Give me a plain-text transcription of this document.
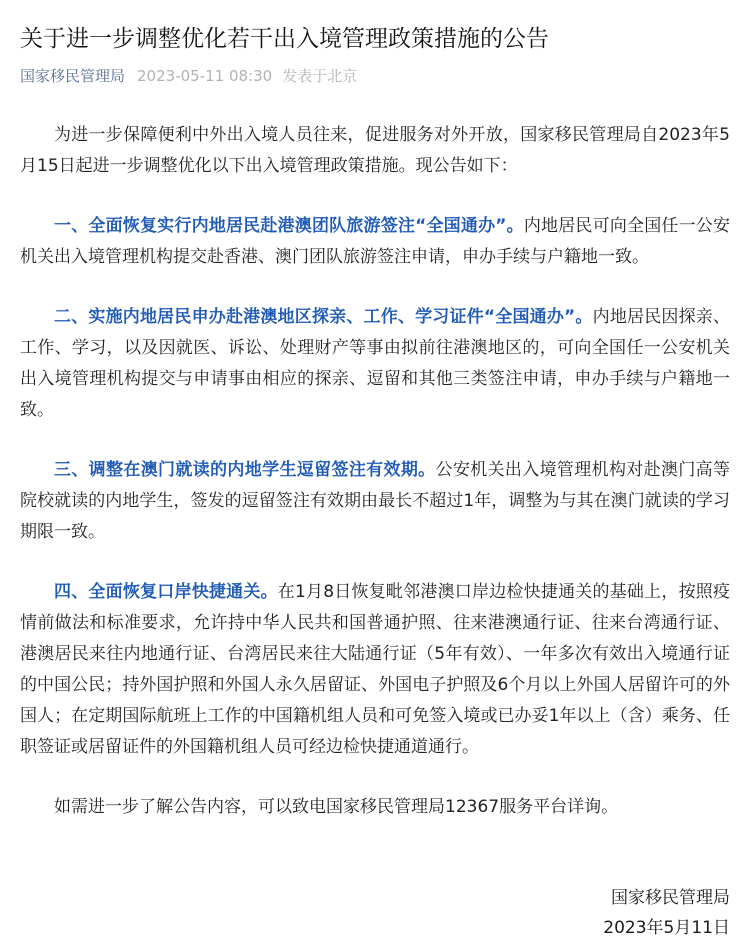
关于进一步调整优化若干出入境管理政策措施的公告
国家移民管理局 2023-05-11 08:30 发表于北京

为进一步保障便利中外出入境人员往来，促进服务对外开放，国家移民管理局自2023年5月15日起进一步调整优化以下出入境管理政策措施。现公告如下：

一、全面恢复实行内地居民赴港澳团队旅游签注“全国通办”。内地居民可向全国任一公安机关出入境管理机构提交赴香港、澳门团队旅游签注申请，申办手续与户籍地一致。

二、实施内地居民申办赴港澳地区探亲、工作、学习证件“全国通办”。内地居民因探亲、工作、学习，以及因就医、诉讼、处理财产等事由拟前往港澳地区的，可向全国任一公安机关出入境管理机构提交与申请事由相应的探亲、逗留和其他三类签注申请，申办手续与户籍地一致。

三、调整在澳门就读的内地学生逗留签注有效期。公安机关出入境管理机构对赴澳门高等院校就读的内地学生，签发的逗留签注有效期由最长不超过1年，调整为与其在澳门就读的学习期限一致。

四、全面恢复口岸快捷通关。在1月8日恢复毗邻港澳口岸边检快捷通关的基础上，按照疫情前做法和标准要求，允许持中华人民共和国普通护照、往来港澳通行证、往来台湾通行证、港澳居民来往内地通行证、台湾居民来往大陆通行证（5年有效）、一年多次有效出入境通行证的中国公民；持外国护照和外国人永久居留证、外国电子护照及6个月以上外国人居留许可的外国人；在定期国际航班上工作的中国籍机组人员和可免签入境或已办妥1年以上（含）乘务、任职签证或居留证件的外国籍机组人员可经边检快捷通道通行。

如需进一步了解公告内容，可以致电国家移民管理局12367服务平台详询。

国家移民管理局
2023年5月11日
